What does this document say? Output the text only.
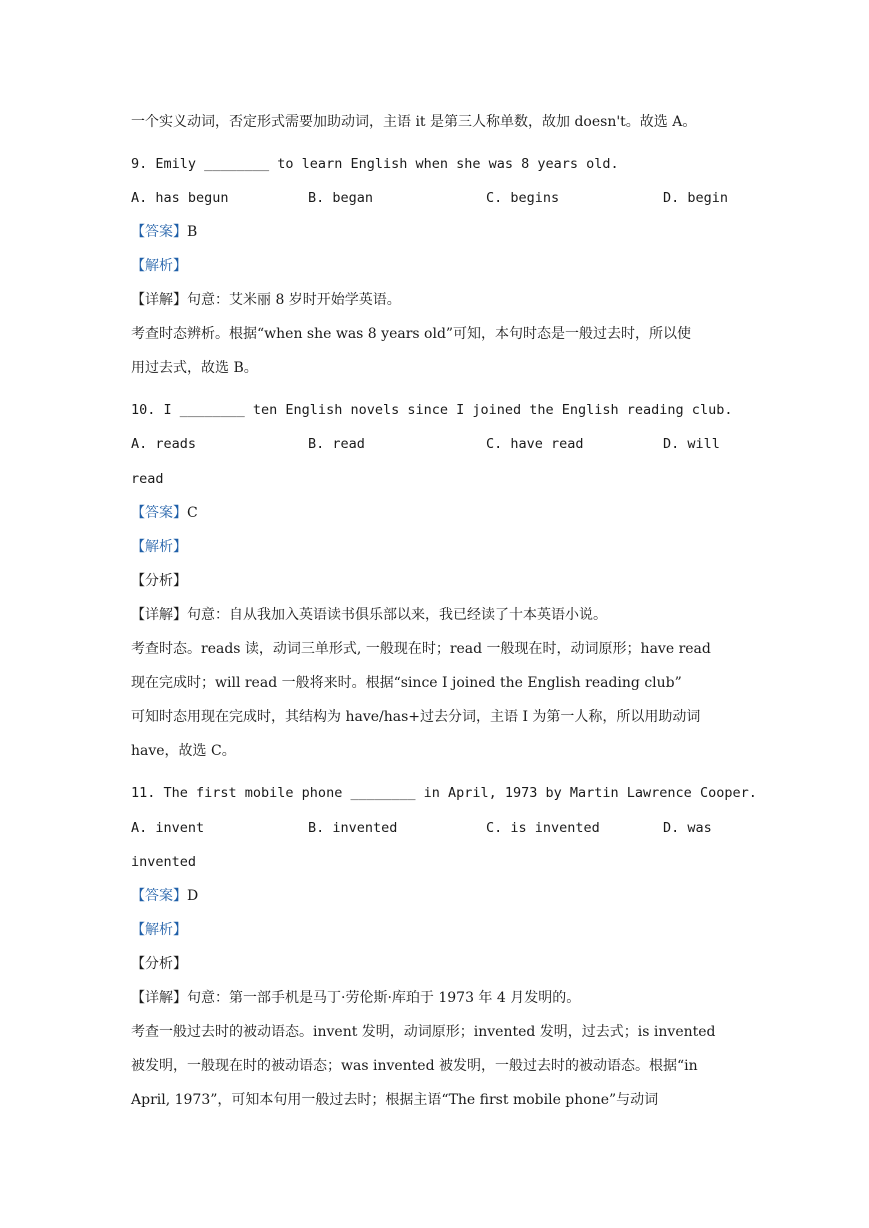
一个实义动词，否定形式需要加助动词，主语 it 是第三人称单数，故加 doesn't。故选 A。
9. Emily ________ to learn English when she was 8 years old.
A. has begun	B. began	C. begins	D. begin
【答案】B
【解析】
【详解】句意：艾米丽 8 岁时开始学英语。
考查时态辨析。根据“when she was 8 years old”可知，本句时态是一般过去时，所以使
用过去式，故选 B。
10. I ________ ten English novels since I joined the English reading club.
A. reads	B. read	C. have read	D. will
read
【答案】C
【解析】
【分析】
【详解】句意：自从我加入英语读书俱乐部以来，我已经读了十本英语小说。
考查时态。reads 读，动词三单形式, 一般现在时；read 一般现在时，动词原形；have read
现在完成时；will read 一般将来时。根据“since I joined the English reading club”
可知时态用现在完成时，其结构为 have/has+过去分词，主语 I 为第一人称，所以用助动词
have，故选 C。
11. The first mobile phone ________ in April, 1973 by Martin Lawrence Cooper.
A. invent	B. invented	C. is invented	D. was
invented
【答案】D
【解析】
【分析】
【详解】句意：第一部手机是马丁·劳伦斯·库珀于 1973 年 4 月发明的。
考查一般过去时的被动语态。invent 发明，动词原形；invented 发明，过去式；is invented
被发明，一般现在时的被动语态；was invented 被发明，一般过去时的被动语态。根据“in
April, 1973”，可知本句用一般过去时；根据主语“The first mobile phone”与动词
